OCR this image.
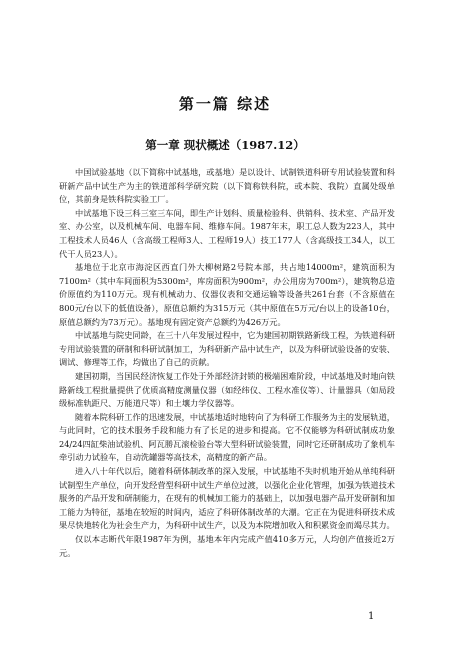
第一篇 综述
第一章 现状概述（1987.12）

中国试验基地（以下简称中试基地，或基地）是以设计、试制铁道科研专用试验装置和科研新产品中试生产为主的铁道部科学研究院（以下简称铁科院，或本院、我院）直属处级单位，其前身是铁科院实验工厂。

中试基地下设三科三室三车间，即生产计划科、质量检验科、供销科、技术室、产品开发室、办公室，以及机械车间、电器车间、维修车间。1987年末，职工总人数为223人，其中工程技术人员46人（含高级工程师3人、工程师19人）技工177人（含高级技工34人，以工代干人员23人）。

基地位于北京市海淀区西直门外大柳树路2号院本部，共占地14000m²，建筑面积为7100m²（其中车间面积为5300m²，库房面积为900m²，办公用房为700m²），建筑物总造价原值约为110万元。现有机械动力、仪器仪表和交通运输等设备共261台套（不含原值在800元/台以下的低值设备），原值总额约为315万元（其中原值在5万元/台以上的设备10台，原值总额约为73万元）。基地现有固定资产总额约为426万元。

中试基地与院史同龄，在三十八年发展过程中，它为建国初期铁路新线工程，为铁道科研专用试验装置的研制和科研试制加工，为科研新产品中试生产，以及为科研试验设备的安装、调试、修理等工作，均做出了自己的贡献。

建国初期，当国民经济恢复工作处于外部经济封锁的极端困难阶段，中试基地及时地向铁路新线工程批量提供了优质高精度测量仪器（如经纬仪、工程水准仪等）、计量器具（如局段级标准轨距尺、万能道尺等）和土壤力学仪器等。

随着本院科研工作的迅速发展，中试基地适时地转向了为科研工作服务为主的发展轨道，与此同时，它的技术服务手段和能力有了长足的进步和提高。它不仅能够为科研试制成功象24/24四缸柴油试验机、阿瓦勝瓦滚检验台等大型科研试验装置，同时它还研制成功了象机车牵引动力试验车，自动洗罐器等高技术，高精度的新产品。

进入八十年代以后，随着科研体制改革的深入发展，中试基地不失时机地开始从单纯科研试制型生产单位，向开发经营型科研中试生产单位过渡，以强化企业化管理，加强为铁道技术服务的产品开发和研制能力，在现有的机械加工能力的基础上，以加强电器产品开发研制和加工能力为特征，基地在较短的时间内，适应了科研体制改革的大潮。它正在为促进科研技术成果尽快地转化为社会生产力，为科研中试生产，以及为本院增加收入和积累资金而竭尽其力。

仅以本志断代年限1987年为例，基地本年内完成产值410多万元，人均创产值接近2万元。

1
